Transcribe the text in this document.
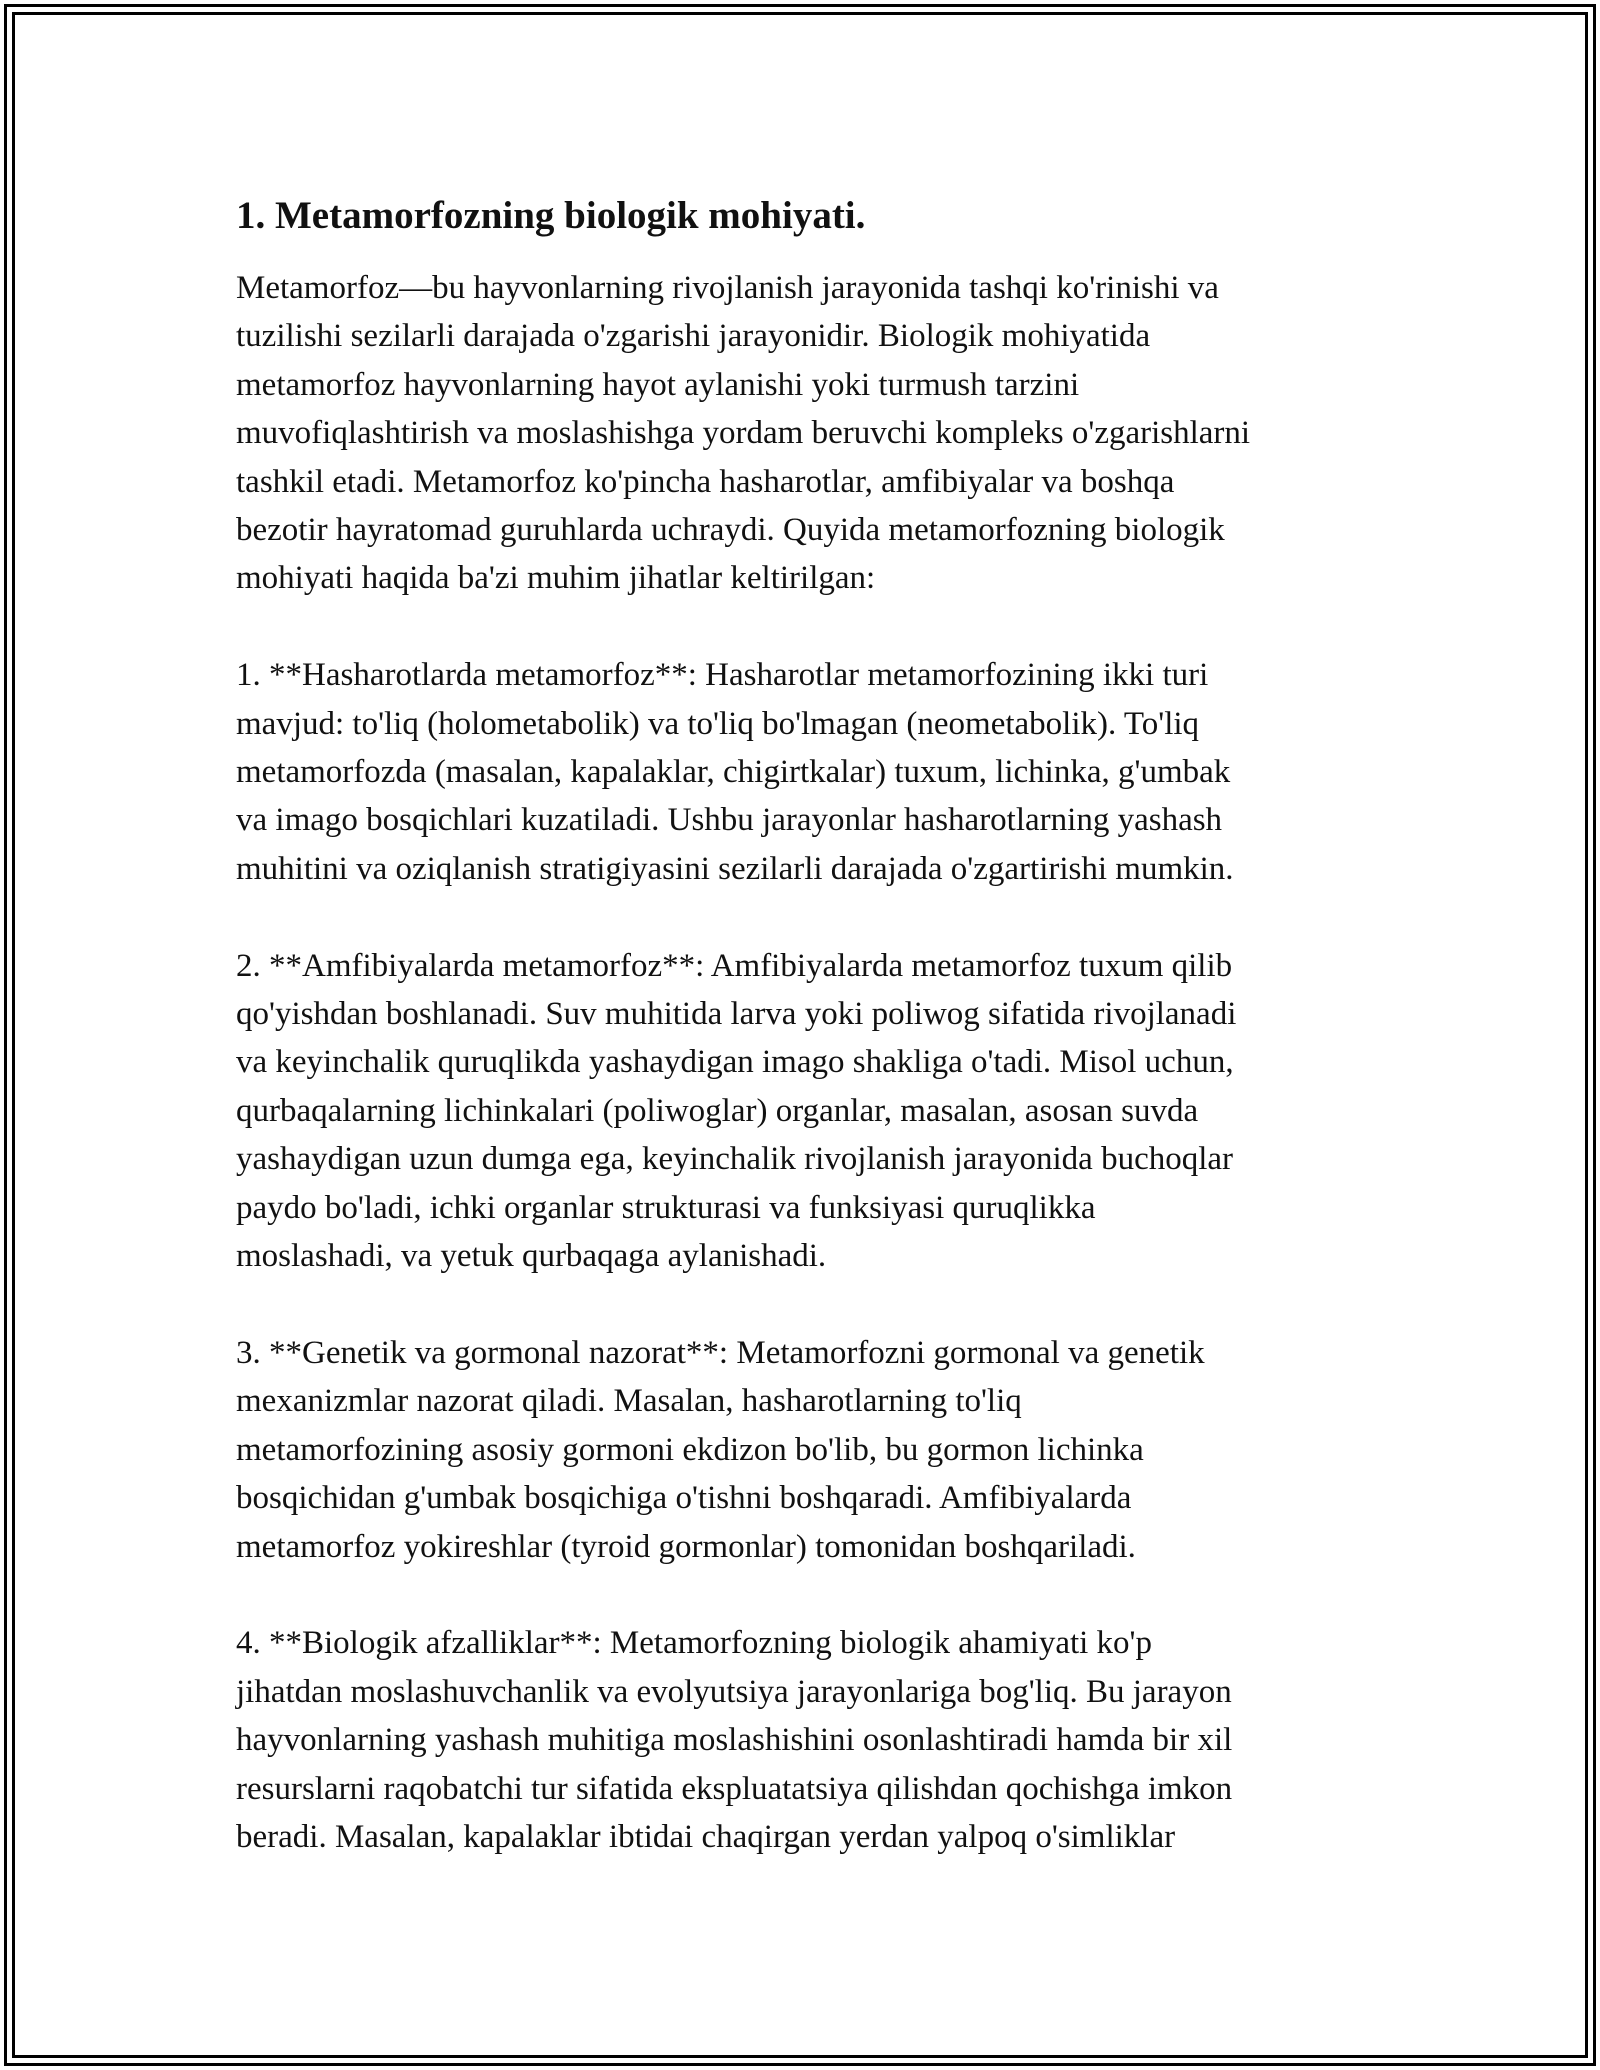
1. Metamorfozning biologik mohiyati.

Metamorfoz—bu hayvonlarning rivojlanish jarayonida tashqi ko'rinishi va
tuzilishi sezilarli darajada o'zgarishi jarayonidir. Biologik mohiyatida
metamorfoz hayvonlarning hayot aylanishi yoki turmush tarzini
muvofiqlashtirish va moslashishga yordam beruvchi kompleks o'zgarishlarni
tashkil etadi. Metamorfoz ko'pincha hasharotlar, amfibiyalar va boshqa
bezotir hayratomad guruhlarda uchraydi. Quyida metamorfozning biologik
mohiyati haqida ba'zi muhim jihatlar keltirilgan:

1. **Hasharotlarda metamorfoz**: Hasharotlar metamorfozining ikki turi
mavjud: to'liq (holometabolik) va to'liq bo'lmagan (neometabolik). To'liq
metamorfozda (masalan, kapalaklar, chigirtkalar) tuxum, lichinka, g'umbak
va imago bosqichlari kuzatiladi. Ushbu jarayonlar hasharotlarning yashash
muhitini va oziqlanish stratigiyasini sezilarli darajada o'zgartirishi mumkin.

2. **Amfibiyalarda metamorfoz**: Amfibiyalarda metamorfoz tuxum qilib
qo'yishdan boshlanadi. Suv muhitida larva yoki poliwog sifatida rivojlanadi
va keyinchalik quruqlikda yashaydigan imago shakliga o'tadi. Misol uchun,
qurbaqalarning lichinkalari (poliwoglar) organlar, masalan, asosan suvda
yashaydigan uzun dumga ega, keyinchalik rivojlanish jarayonida buchoqlar
paydo bo'ladi, ichki organlar strukturasi va funksiyasi quruqlikka
moslashadi, va yetuk qurbaqaga aylanishadi.

3. **Genetik va gormonal nazorat**: Metamorfozni gormonal va genetik
mexanizmlar nazorat qiladi. Masalan, hasharotlarning to'liq
metamorfozining asosiy gormoni ekdizon bo'lib, bu gormon lichinka
bosqichidan g'umbak bosqichiga o'tishni boshqaradi. Amfibiyalarda
metamorfoz yokireshlar (tyroid gormonlar) tomonidan boshqariladi.

4. **Biologik afzalliklar**: Metamorfozning biologik ahamiyati ko'p
jihatdan moslashuvchanlik va evolyutsiya jarayonlariga bog'liq. Bu jarayon
hayvonlarning yashash muhitiga moslashishini osonlashtiradi hamda bir xil
resurslarni raqobatchi tur sifatida ekspluatatsiya qilishdan qochishga imkon
beradi. Masalan, kapalaklar ibtidai chaqirgan yerdan yalpoq o'simliklar
